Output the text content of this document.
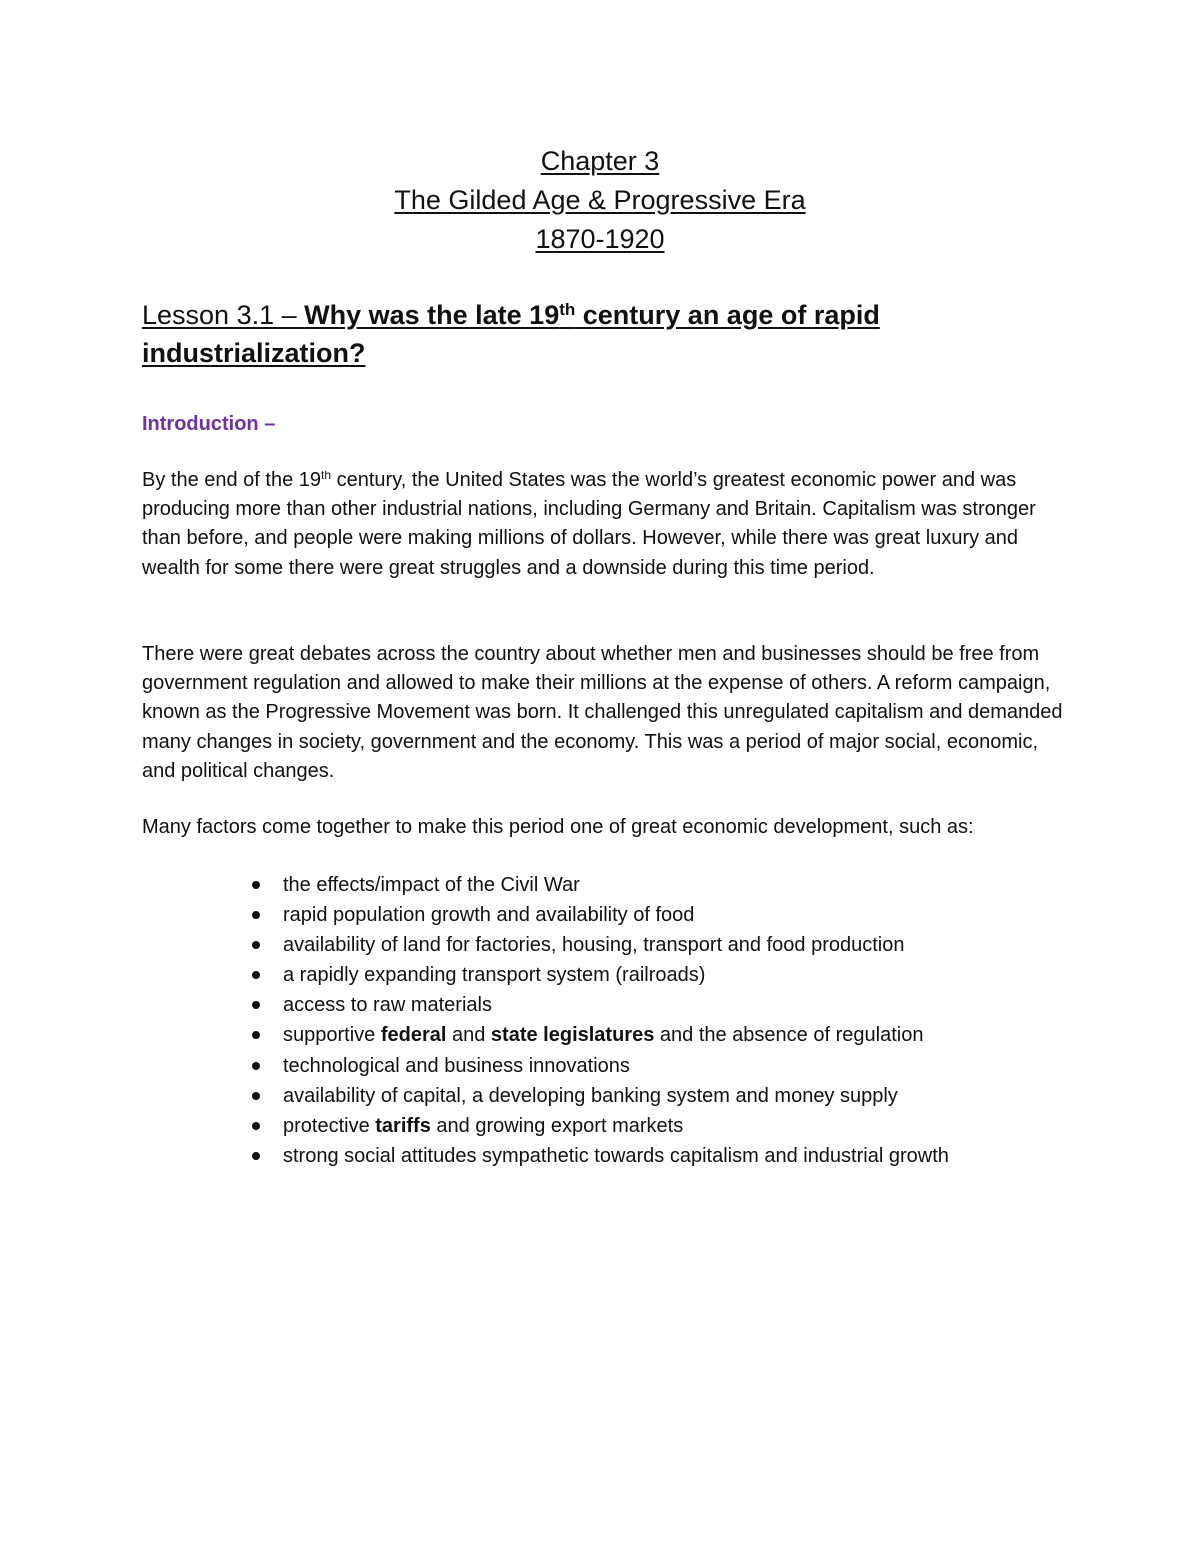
Chapter 3
The Gilded Age & Progressive Era
1870-1920
Lesson 3.1 – Why was the late 19th century an age of rapid
industrialization?
Introduction –

By the end of the 19th century, the United States was the world’s greatest economic power and was producing more than other industrial nations, including Germany and Britain. Capitalism was stronger than before, and people were making millions of dollars. However, while there was great luxury and wealth for some there were great struggles and a downside during this time period.

There were great debates across the country about whether men and businesses should be free from government regulation and allowed to make their millions at the expense of others. A reform campaign, known as the Progressive Movement was born. It challenged this unregulated capitalism and demanded many changes in society, government and the economy. This was a period of major social, economic, and political changes.

Many factors come together to make this period one of great economic development, such as:

the effects/impact of the Civil War
rapid population growth and availability of food
availability of land for factories, housing, transport and food production
a rapidly expanding transport system (railroads)
access to raw materials
supportive federal and state legislatures and the absence of regulation
technological and business innovations
availability of capital, a developing banking system and money supply
protective tariffs and growing export markets
strong social attitudes sympathetic towards capitalism and industrial growth
